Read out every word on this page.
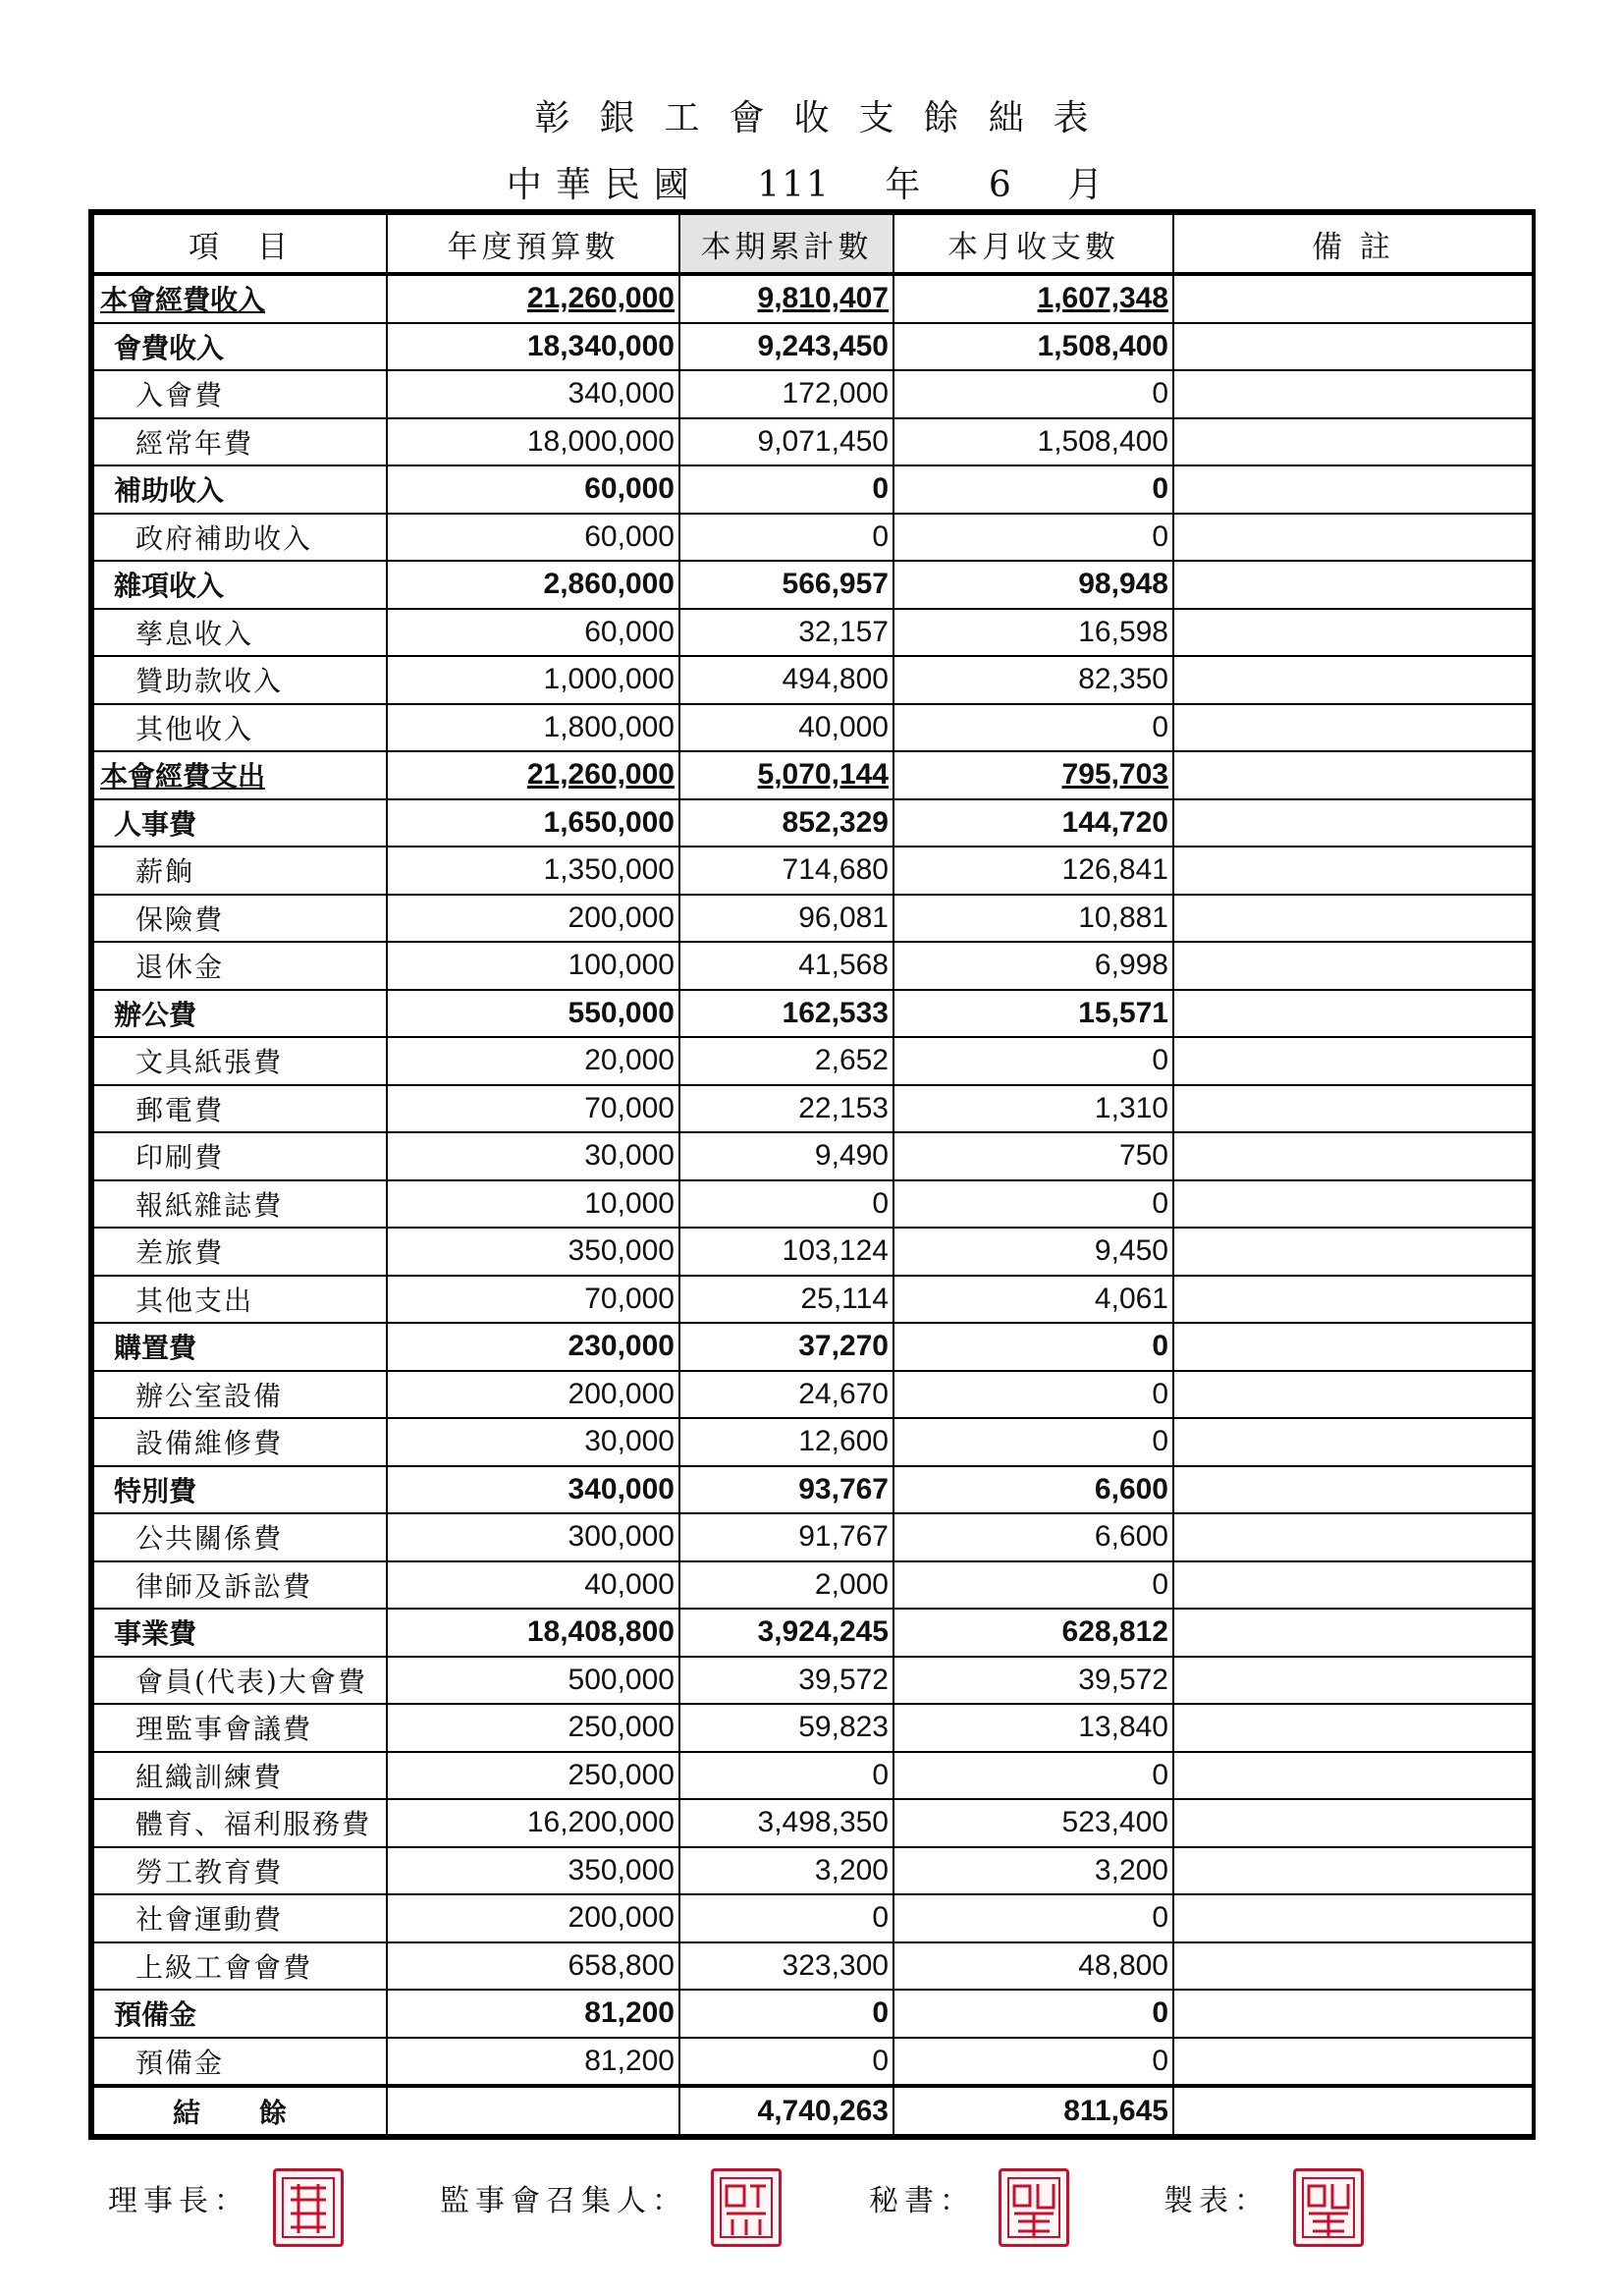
彰銀工會收支餘絀表
中華民國 111 年 6 月
項　目	年度預算數	本期累計數	本月收支數	備 註
本會經費收入	21,260,000	9,810,407	1,607,348	
會費收入	18,340,000	9,243,450	1,508,400	
入會費	340,000	172,000	0	
經常年費	18,000,000	9,071,450	1,508,400	
補助收入	60,000	0	0	
政府補助收入	60,000	0	0	
雜項收入	2,860,000	566,957	98,948	
孳息收入	60,000	32,157	16,598	
贊助款收入	1,000,000	494,800	82,350	
其他收入	1,800,000	40,000	0	
本會經費支出	21,260,000	5,070,144	795,703	
人事費	1,650,000	852,329	144,720	
薪餉	1,350,000	714,680	126,841	
保險費	200,000	96,081	10,881	
退休金	100,000	41,568	6,998	
辦公費	550,000	162,533	15,571	
文具紙張費	20,000	2,652	0	
郵電費	70,000	22,153	1,310	
印刷費	30,000	9,490	750	
報紙雜誌費	10,000	0	0	
差旅費	350,000	103,124	9,450	
其他支出	70,000	25,114	4,061	
購置費	230,000	37,270	0	
辦公室設備	200,000	24,670	0	
設備維修費	30,000	12,600	0	
特別費	340,000	93,767	6,600	
公共關係費	300,000	91,767	6,600	
律師及訴訟費	40,000	2,000	0	
事業費	18,408,800	3,924,245	628,812	
會員(代表)大會費	500,000	39,572	39,572	
理監事會議費	250,000	59,823	13,840	
組織訓練費	250,000	0	0	
體育、福利服務費	16,200,000	3,498,350	523,400	
勞工教育費	350,000	3,200	3,200	
社會運動費	200,000	0	0	
上級工會會費	658,800	323,300	48,800	
預備金	81,200	0	0	
預備金	81,200	0	0	
結餘		4,740,263	811,645	
理事長：	監事會召集人：	秘書：	製表：
